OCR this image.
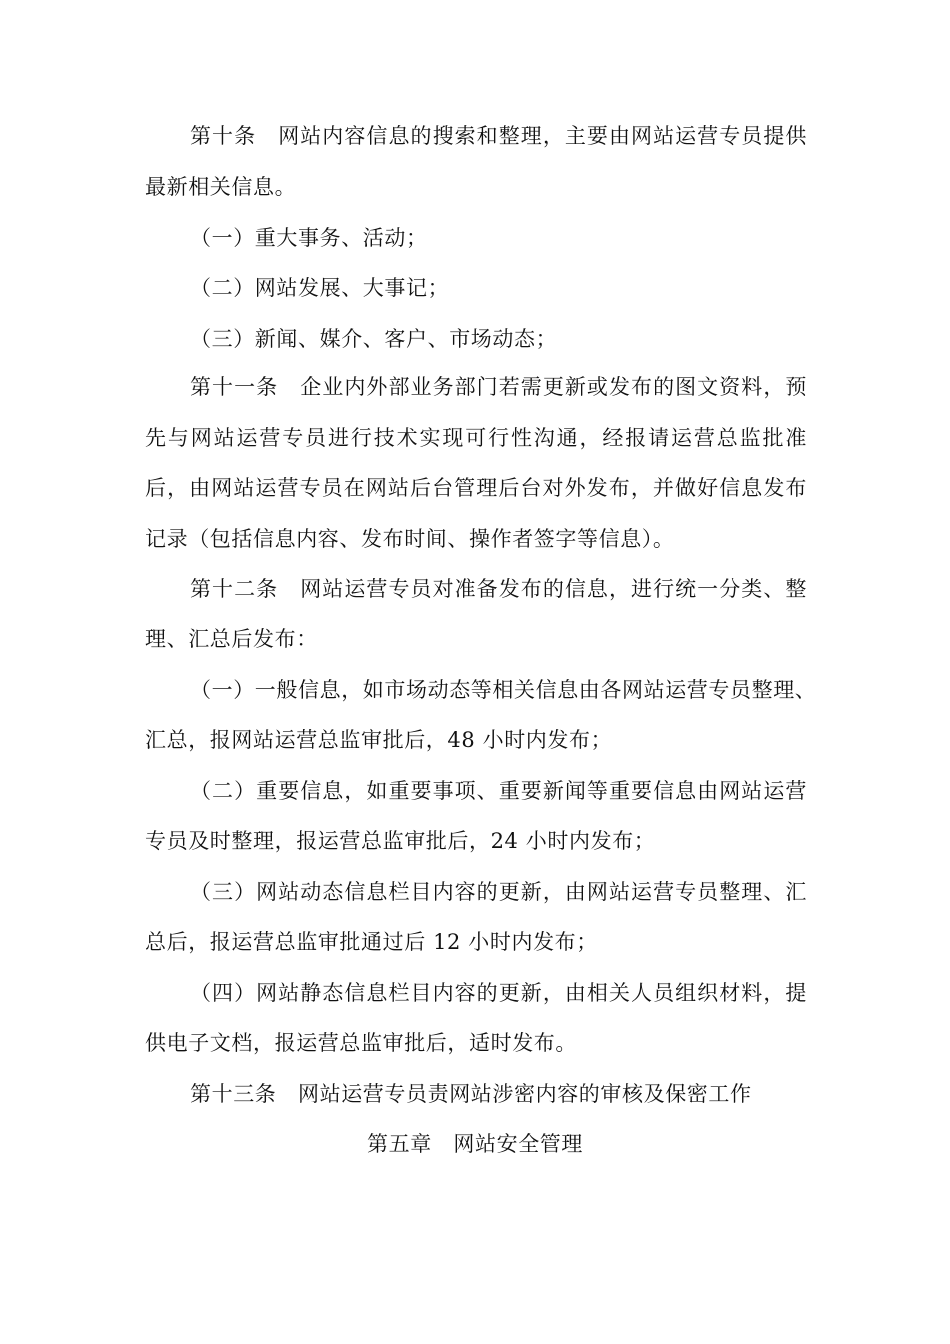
第十条　网站内容信息的搜索和整理，主要由网站运营专员提供
最新相关信息。
（一）重大事务、活动；
（二）网站发展、大事记；
（三）新闻、媒介、客户、市场动态；
第十一条　企业内外部业务部门若需更新或发布的图文资料，预
先与网站运营专员进行技术实现可行性沟通，经报请运营总监批准
后，由网站运营专员在网站后台管理后台对外发布，并做好信息发布
记录（包括信息内容、发布时间、操作者签字等信息）。
第十二条　网站运营专员对准备发布的信息，进行统一分类、整
理、汇总后发布：
（一）一般信息，如市场动态等相关信息由各网站运营专员整理、
汇总，报网站运营总监审批后，48 小时内发布；
（二）重要信息，如重要事项、重要新闻等重要信息由网站运营
专员及时整理，报运营总监审批后，24 小时内发布；
（三）网站动态信息栏目内容的更新，由网站运营专员整理、汇
总后，报运营总监审批通过后 12 小时内发布；
（四）网站静态信息栏目内容的更新，由相关人员组织材料，提
供电子文档，报运营总监审批后，适时发布。
第十三条　网站运营专员责网站涉密内容的审核及保密工作
第五章　网站安全管理
